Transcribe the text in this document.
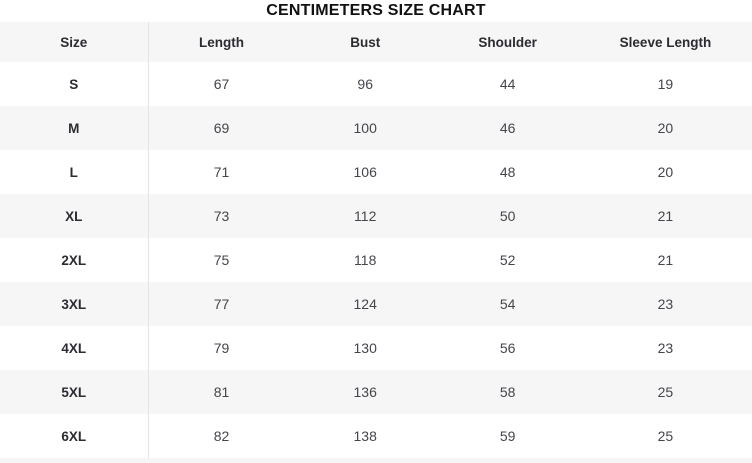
CENTIMETERS SIZE CHART
Size	Length	Bust	Shoulder	Sleeve Length
S	67	96	44	19
M	69	100	46	20
L	71	106	48	20
XL	73	112	50	21
2XL	75	118	52	21
3XL	77	124	54	23
4XL	79	130	56	23
5XL	81	136	58	25
6XL	82	138	59	25
